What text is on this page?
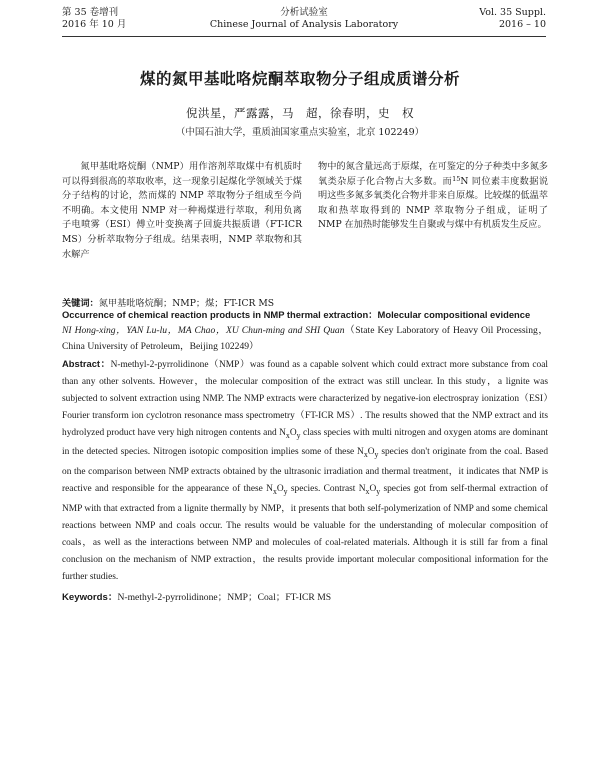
第 35 卷增刊
2016 年 10 月
分析试验室
Chinese Journal of Analysis Laboratory
Vol. 35 Suppl.
2016 – 10
煤的氮甲基吡咯烷酮萃取物分子组成质谱分析
倪洪星，严露露，马　超，徐春明，史　权
（中国石油大学，重质油国家重点实验室，北京 102249）
氮甲基吡咯烷酮（NMP）用作溶剂萃取煤中有机质时可以得到很高的萃取收率，这一现象引起煤化学领域关于煤分子结构的讨论，然而煤的 NMP 萃取物分子组成至今尚不明确。本文使用 NMP 对一种褐煤进行萃取，利用负离子电喷雾（ESI）傅立叶变换离子回旋共振质谱（FT-ICR MS）分析萃取物分子组成。结果表明，NMP 萃取物和其水解产
物中的氮含量远高于原煤，在可鉴定的分子种类中多氮多氧类杂原子化合物占大多数。而$^{15}$N 同位素丰度数据说明这些多氮多氧类化合物并非来自原煤。比较煤的低温萃取和热萃取得到的 NMP 萃取物分子组成，证明了 NMP 在加热时能够发生自聚或与煤中有机质发生反应。
关键词：氮甲基吡咯烷酮；NMP；煤；FT-ICR MS
Occurrence of chemical reaction products in NMP thermal extraction：Molecular compositional evidence
NI Hong-xing，YAN Lu-lu，MA Chao，XU Chun-ming and SHI Quan（State Key Laboratory of Heavy Oil Processing，China University of Petroleum，Beijing 102249）
Abstract：N-methyl-2-pyrrolidinone（NMP）was found as a capable solvent which could extract more substance from coal than any other solvents. However，the molecular composition of the extract was still unclear. In this study，a lignite was subjected to solvent extraction using NMP. The NMP extracts were characterized by negative-ion electrospray ionization（ESI）Fourier transform ion cyclotron resonance mass spectrometry（FT-ICR MS）. The results showed that the NMP extract and its hydrolyzed product have very high nitrogen contents and $N_xO_y$ class species with multi nitrogen and oxygen atoms are dominant in the detected species. Nitrogen isotopic composition implies some of these $N_xO_y$ species don't originate from the coal. Based on the comparison between NMP extracts obtained by the ultrasonic irradiation and thermal treatment，it indicates that NMP is reactive and responsible for the appearance of these $N_xO_y$ species. Contrast $N_xO_y$ species got from self-thermal extraction of NMP with that extracted from a lignite thermally by NMP，it presents that both self-polymerization of NMP and some chemical reactions between NMP and coals occur. The results would be valuable for the understanding of molecular composition of coals，as well as the interactions between NMP and molecules of coal-related materials. Although it is still far from a final conclusion on the mechanism of NMP extraction，the results provide important molecular compositional information for the further studies.
Keywords：N-methyl-2-pyrrolidinone；NMP；Coal；FT-ICR MS
